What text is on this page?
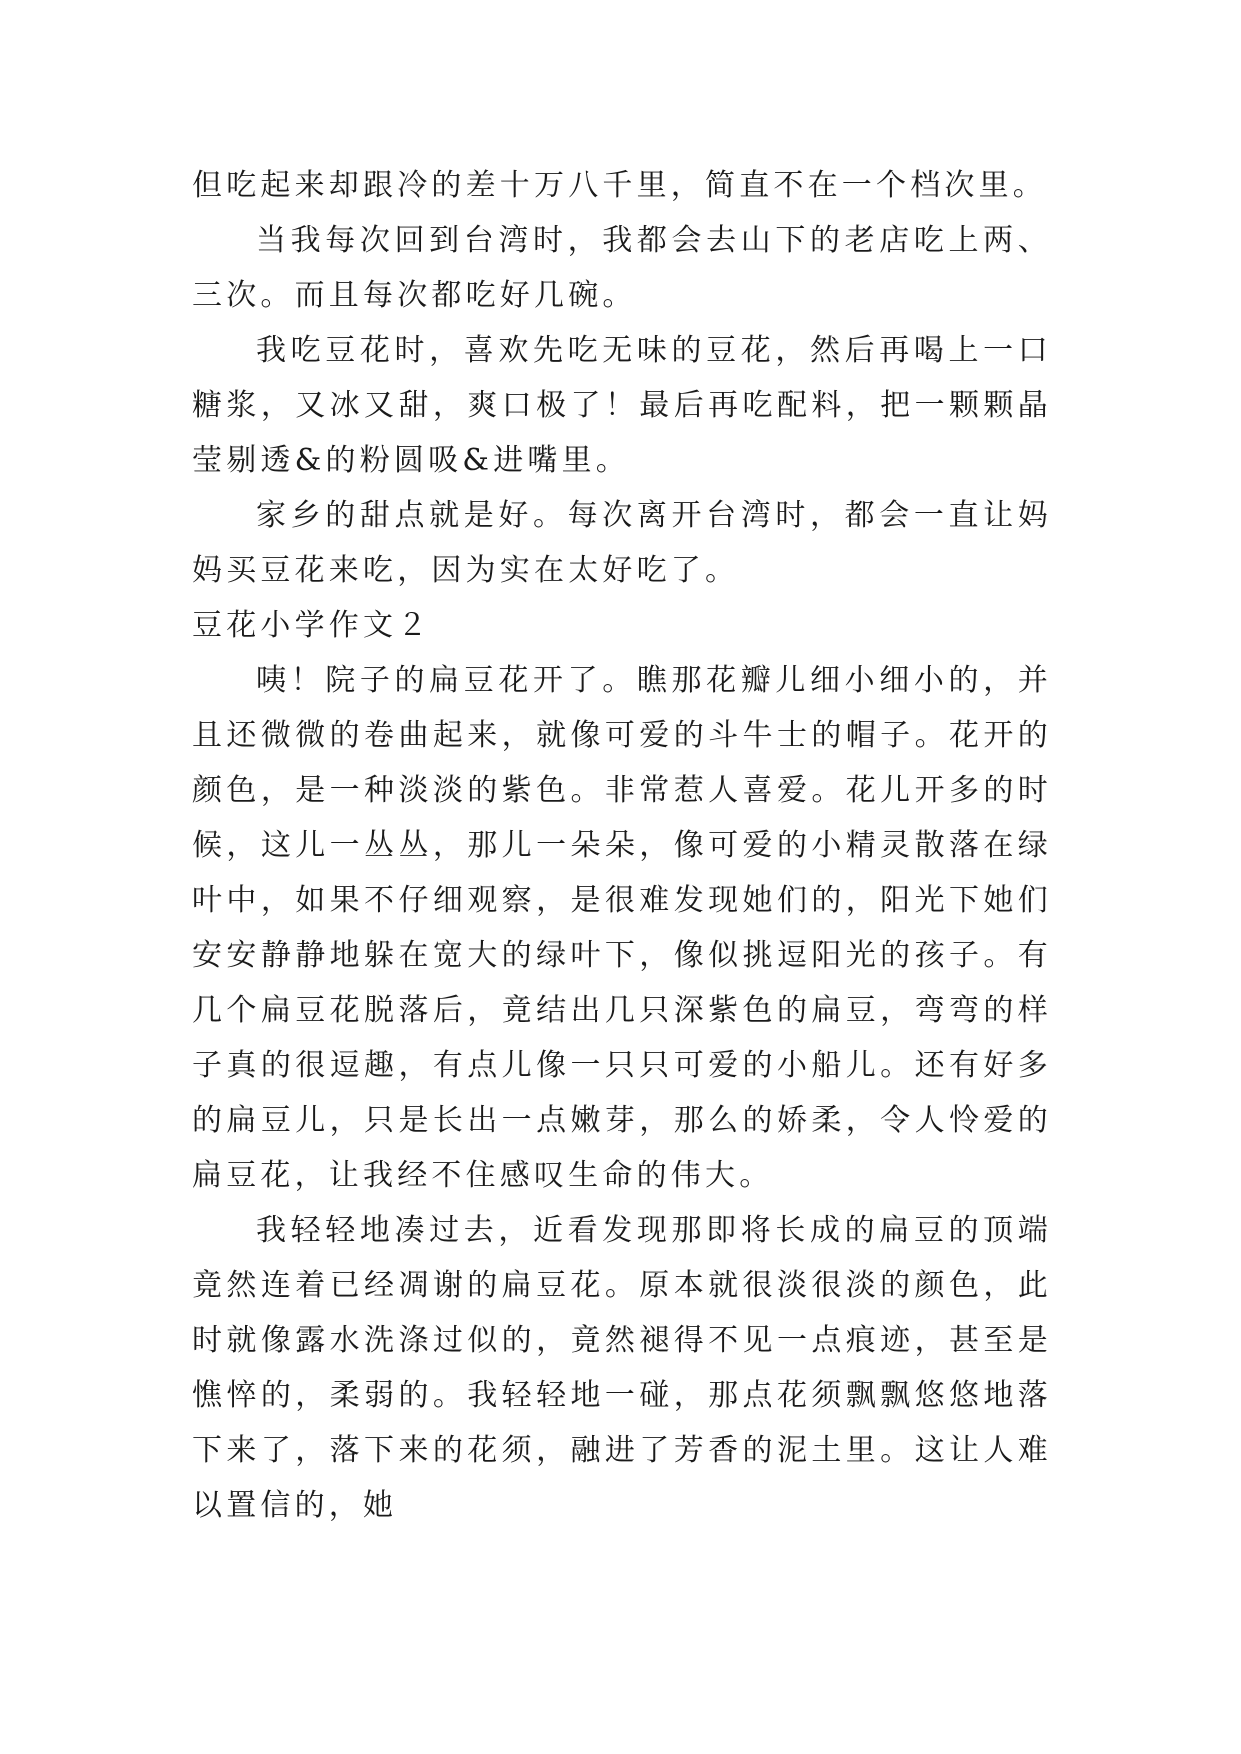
但吃起来却跟冷的差十万八千里，简直不在一个档次里。

当我每次回到台湾时，我都会去山下的老店吃上两、三次。而且每次都吃好几碗。

我吃豆花时，喜欢先吃无味的豆花，然后再喝上一口糖浆，又冰又甜，爽口极了！最后再吃配料，把一颗颗晶莹剔透&的粉圆吸&进嘴里。

家乡的甜点就是好。每次离开台湾时，都会一直让妈妈买豆花来吃，因为实在太好吃了。

豆花小学作文２

咦！院子的扁豆花开了。瞧那花瓣儿细小细小的，并且还微微的卷曲起来，就像可爱的斗牛士的帽子。花开的颜色，是一种淡淡的紫色。非常惹人喜爱。花儿开多的时候，这儿一丛丛，那儿一朵朵，像可爱的小精灵散落在绿叶中，如果不仔细观察，是很难发现她们的，阳光下她们安安静静地躲在宽大的绿叶下，像似挑逗阳光的孩子。有几个扁豆花脱落后，竟结出几只深紫色的扁豆，弯弯的样子真的很逗趣，有点儿像一只只可爱的小船儿。还有好多的扁豆儿，只是长出一点嫩芽，那么的娇柔，令人怜爱的扁豆花，让我经不住感叹生命的伟大。

我轻轻地凑过去，近看发现那即将长成的扁豆的顶端竟然连着已经凋谢的扁豆花。原本就很淡很淡的颜色，此时就像露水洗涤过似的，竟然褪得不见一点痕迹，甚至是憔悴的，柔弱的。我轻轻地一碰，那点花须飘飘悠悠地落下来了，落下来的花须，融进了芳香的泥土里。这让人难以置信的，她
